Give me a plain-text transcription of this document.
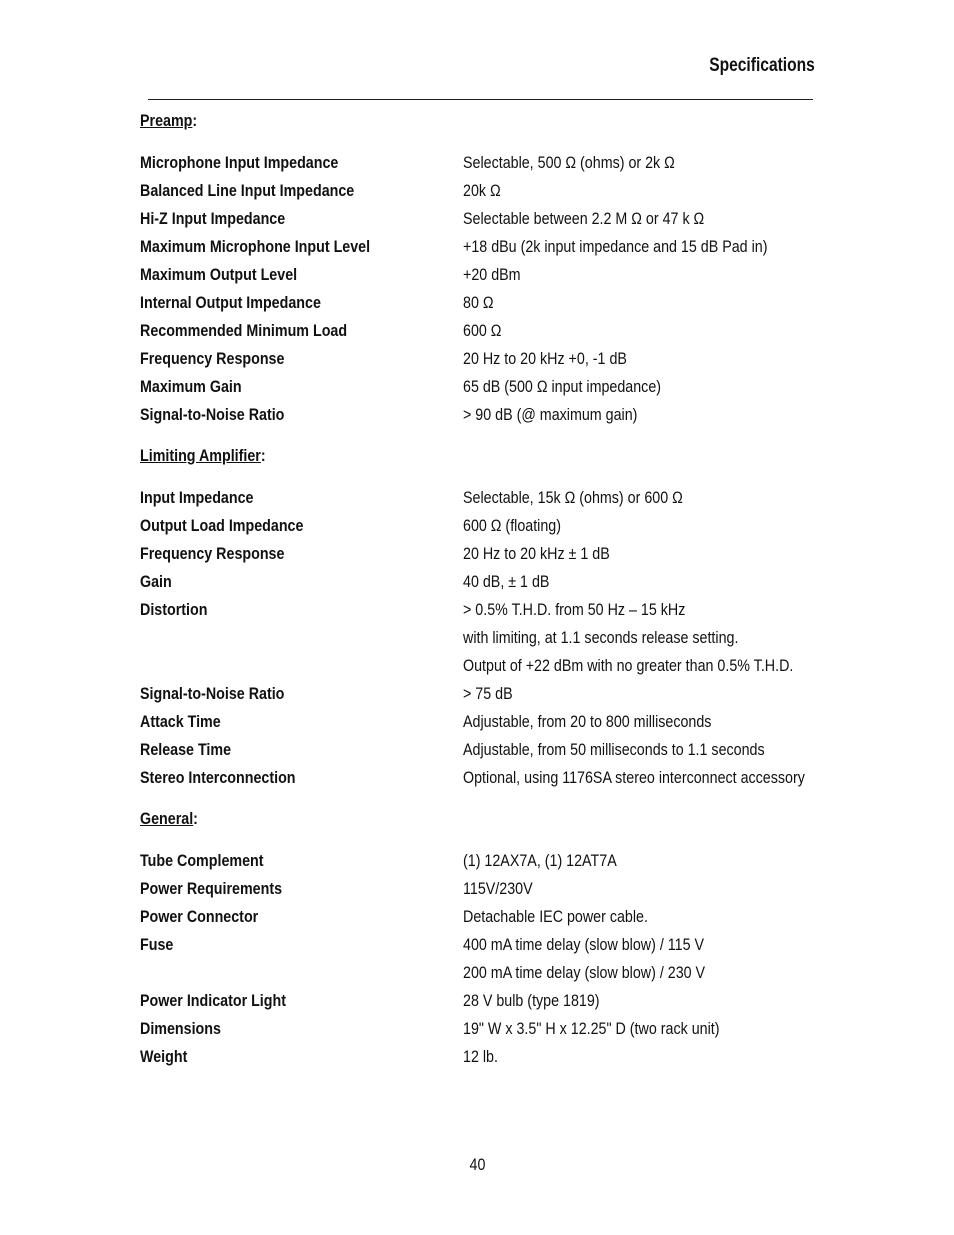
Specifications
Preamp:
Microphone Input Impedance	Selectable, 500 Ω (ohms) or 2k Ω
Balanced Line Input Impedance	20k Ω
Hi-Z Input Impedance	Selectable between 2.2 M Ω or 47 k Ω
Maximum Microphone Input Level	+18 dBu (2k input impedance and 15 dB Pad in)
Maximum Output Level	+20 dBm
Internal Output Impedance	80 Ω
Recommended Minimum Load	600 Ω
Frequency Response	20 Hz to 20 kHz +0, -1 dB
Maximum Gain	65 dB (500 Ω input impedance)
Signal-to-Noise Ratio	> 90 dB (@ maximum gain)
Limiting Amplifier:
Input Impedance	Selectable, 15k Ω (ohms) or 600 Ω
Output Load Impedance	600 Ω (floating)
Frequency Response	20 Hz to 20 kHz ± 1 dB
Gain	40 dB, ± 1 dB
Distortion	> 0.5% T.H.D. from 50 Hz – 15 kHz
with limiting, at 1.1 seconds release setting.
Output of +22 dBm with no greater than 0.5% T.H.D.
Signal-to-Noise Ratio	> 75 dB
Attack Time	Adjustable, from 20 to 800 milliseconds
Release Time	Adjustable, from 50 milliseconds to 1.1 seconds
Stereo Interconnection	Optional, using 1176SA stereo interconnect accessory
General:
Tube Complement	(1) 12AX7A, (1) 12AT7A
Power Requirements	115V/230V
Power Connector	Detachable IEC power cable.
Fuse	400 mA time delay (slow blow) / 115 V
200 mA time delay (slow blow) / 230 V
Power Indicator Light	28 V bulb (type 1819)
Dimensions	19" W x 3.5" H x 12.25" D (two rack unit)
Weight	12 lb.
40
